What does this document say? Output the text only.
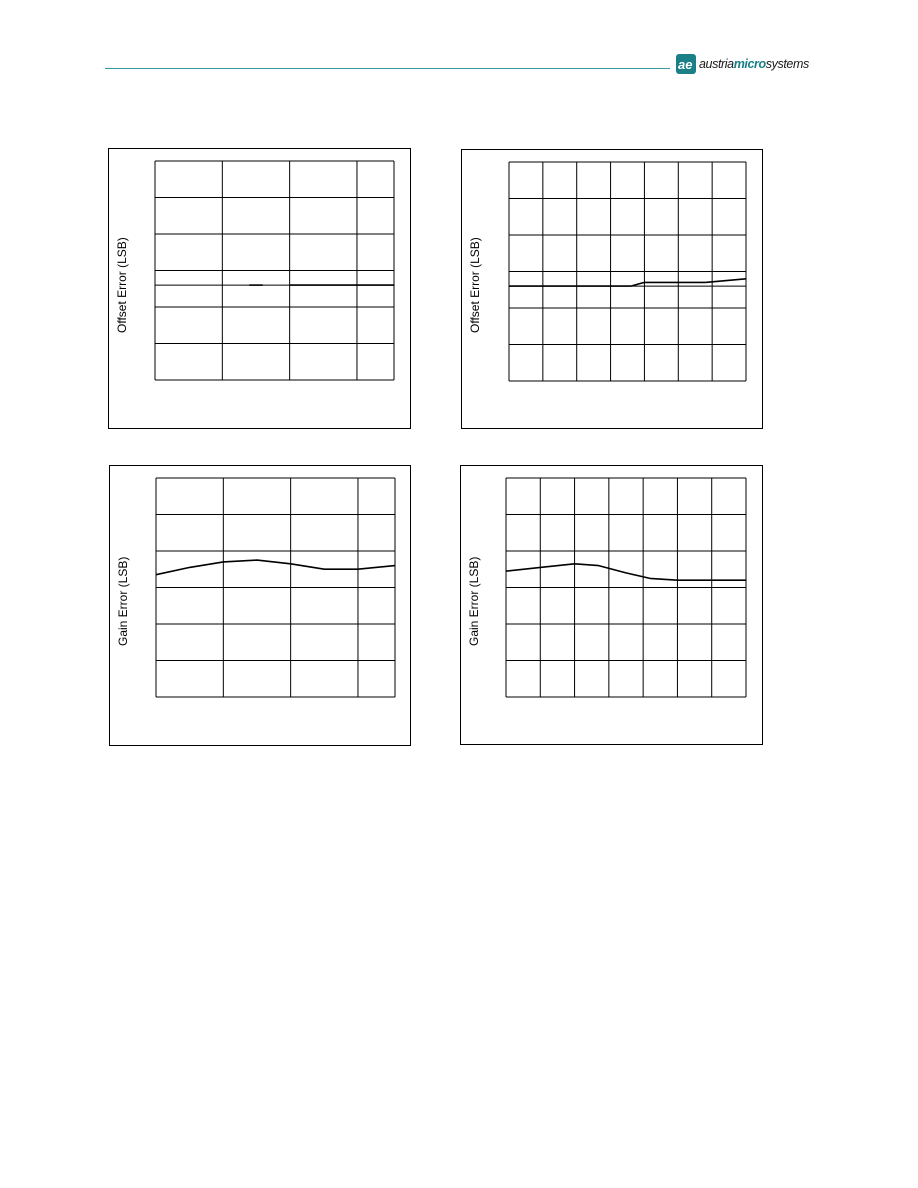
ae austriamicrosystems
Offset Error (LSB)	Offset Error (LSB)
Gain Error (LSB)	Gain Error (LSB)
